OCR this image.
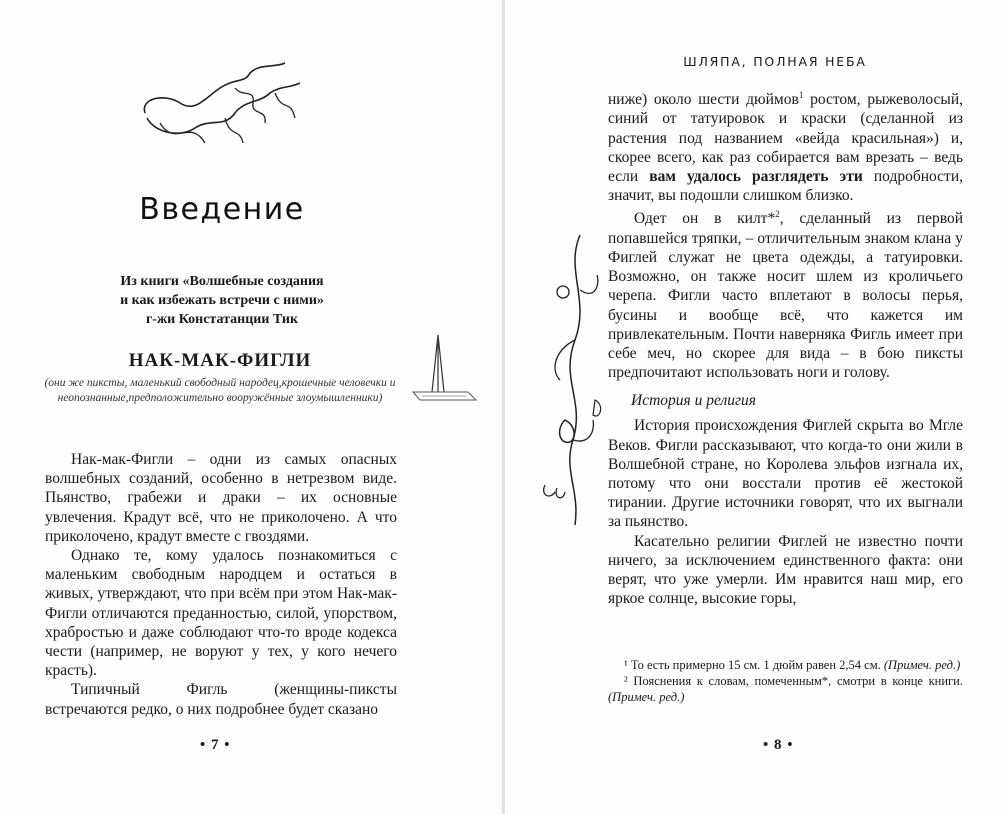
Введение
Из книги «Волшебные создания
и как избежать встречи с ними»
г-жи Констатанции Тик
НАК-МАК-ФИГЛИ
(они же пиксты, маленький свободный народец,крошечные человечки и неопознанные,предположительно вооружённые злоумышленники)

Нак-мак-Фигли – одни из самых опасных волшебных созданий, особенно в нетрезвом виде. Пьянство, грабежи и драки – их основные увлечения. Крадут всё, что не приколочено. А что приколочено, крадут вместе с гвоздями.

Однако те, кому удалось познакомиться с маленьким свободным народцем и остаться в живых, утверждают, что при всём при этом Нак-мак-Фигли отличаются преданностью, силой, упорством, храбростью и даже соблюдают что-то вроде кодекса чести (например, не воруют у тех, у кого нечего красть).

Типичный Фигль (женщины-пиксты встречаются редко, о них подробнее будет сказано

• 7 •
ШЛЯПА, ПОЛНАЯ НЕБА

ниже) около шести дюймов$^1$ ростом, рыжеволосый, синий от татуировок и краски (сделанной из растения под названием «вейда красильная») и, скорее всего, как раз собирается вам врезать – ведь если вам удалось разглядеть эти подробности, значит, вы подошли слишком близко.

Одет он в килт*$^2$, сделанный из первой попавшейся тряпки, – отличительным знаком клана у Фиглей служат не цвета одежды, а татуировки. Возможно, он также носит шлем из кроличьего черепа. Фигли часто вплетают в волосы перья, бусины и вообще всё, что кажется им привлекательным. Почти наверняка Фигль имеет при себе меч, но скорее для вида – в бою пиксты предпочитают использовать ноги и голову.

История и религия

История происхождения Фиглей скрыта во Мгле Веков. Фигли рассказывают, что когда-то они жили в Волшебной стране, но Королева эльфов изгнала их, потому что они восстали против её жестокой тирании. Другие источники говорят, что их выгнали за пьянство.

Касательно религии Фиглей не известно почти ничего, за исключением единственного факта: они верят, что уже умерли. Им нравится наш мир, его яркое солнце, высокие горы,

¹ То есть примерно 15 см. 1 дюйм равен 2,54 см. (Примеч. ред.)

² Пояснения к словам, помеченным*, смотри в конце книги. (Примеч. ред.)

• 8 •
